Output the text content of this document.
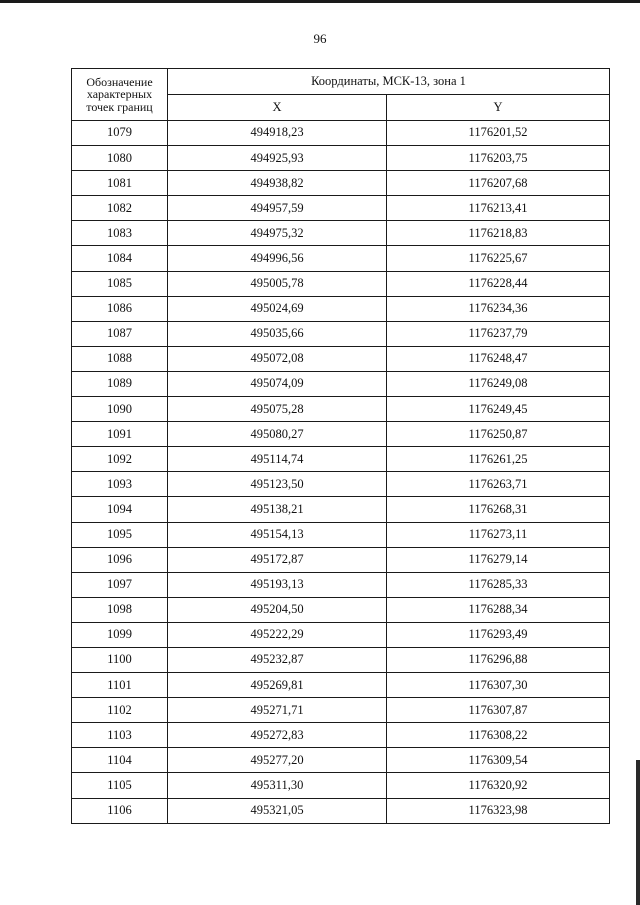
96
Обозначение характерных точек границ	Координаты, МСК-13, зона 1	
	X	Y
1079	494918,23	1176201,52
1080	494925,93	1176203,75
1081	494938,82	1176207,68
1082	494957,59	1176213,41
1083	494975,32	1176218,83
1084	494996,56	1176225,67
1085	495005,78	1176228,44
1086	495024,69	1176234,36
1087	495035,66	1176237,79
1088	495072,08	1176248,47
1089	495074,09	1176249,08
1090	495075,28	1176249,45
1091	495080,27	1176250,87
1092	495114,74	1176261,25
1093	495123,50	1176263,71
1094	495138,21	1176268,31
1095	495154,13	1176273,11
1096	495172,87	1176279,14
1097	495193,13	1176285,33
1098	495204,50	1176288,34
1099	495222,29	1176293,49
1100	495232,87	1176296,88
1101	495269,81	1176307,30
1102	495271,71	1176307,87
1103	495272,83	1176308,22
1104	495277,20	1176309,54
1105	495311,30	1176320,92
1106	495321,05	1176323,98
